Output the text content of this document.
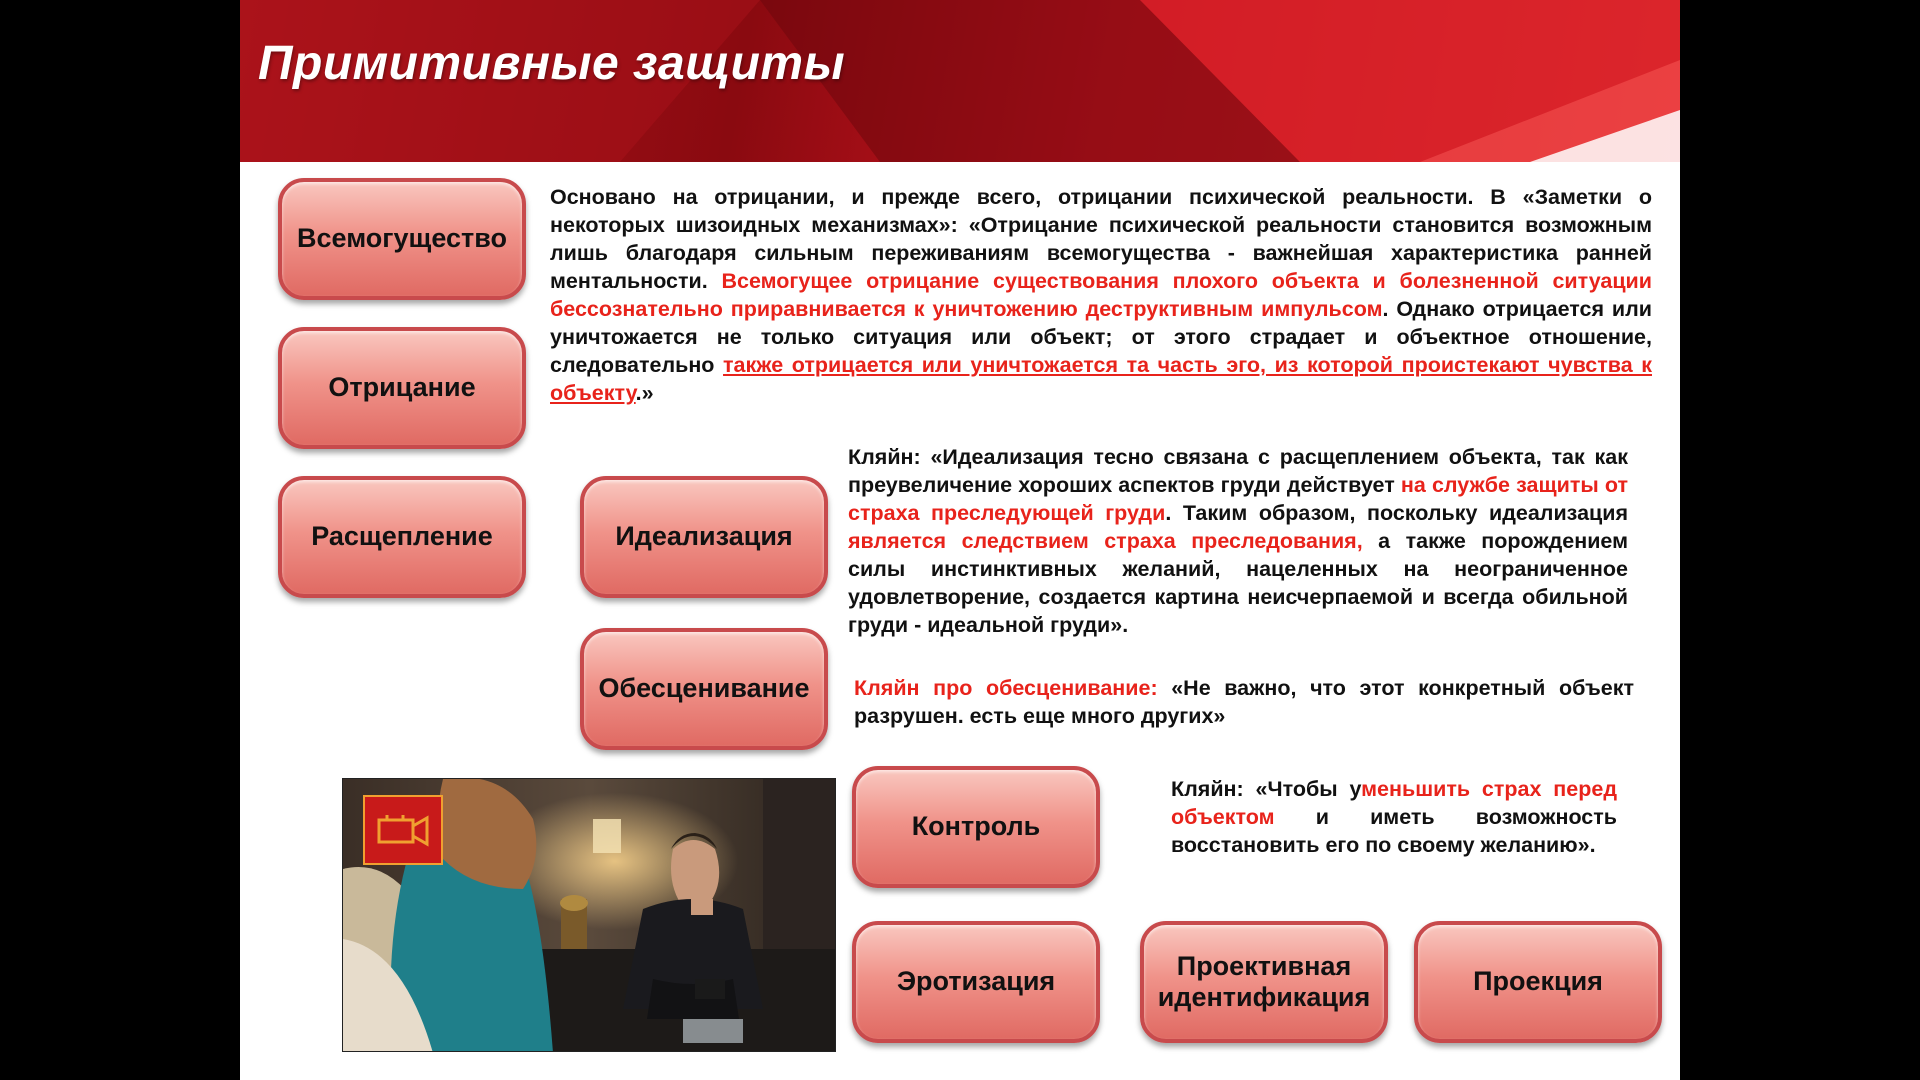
Примитивные защиты
Всемогущество
Отрицание
Расщепление	Идеализация
Обесценивание
Контроль
Эротизация
Проективная
идентификация
Проекция

Основано на отрицании, и прежде всего, отрицании психической реальности. В «Заметки о некоторых шизоидных механизмах»: «Отрицание психической реальности становится возможным лишь благодаря сильным переживаниям всемогущества - важнейшая характеристика ранней ментальности. Всемогущее отрицание существования плохого объекта и болезненной ситуации бессознательно приравнивается к уничтожению деструктивным импульсом. Однако отрицается или уничтожается не только ситуация или объект; от этого страдает и объектное отношение, следовательно также отрицается или уничтожается та часть эго, из которой проистекают чувства к объекту.»

Кляйн: «Идеализация тесно связана с расщеплением объекта, так как преувеличение хороших аспектов груди действует на службе защиты от страха преследующей груди. Таким образом, поскольку идеализация является следствием страха преследования, а также порождением силы инстинктивных желаний, нацеленных на неограниченное удовлетворение, создается картина неисчерпаемой и всегда обильной груди - идеальной груди».

Кляйн про обесценивание: «Не важно, что этот конкретный объект разрушен. есть еще много других»

Кляйн: «Чтобы уменьшить страх перед объектом и иметь возможность восстановить его по своему желанию».
